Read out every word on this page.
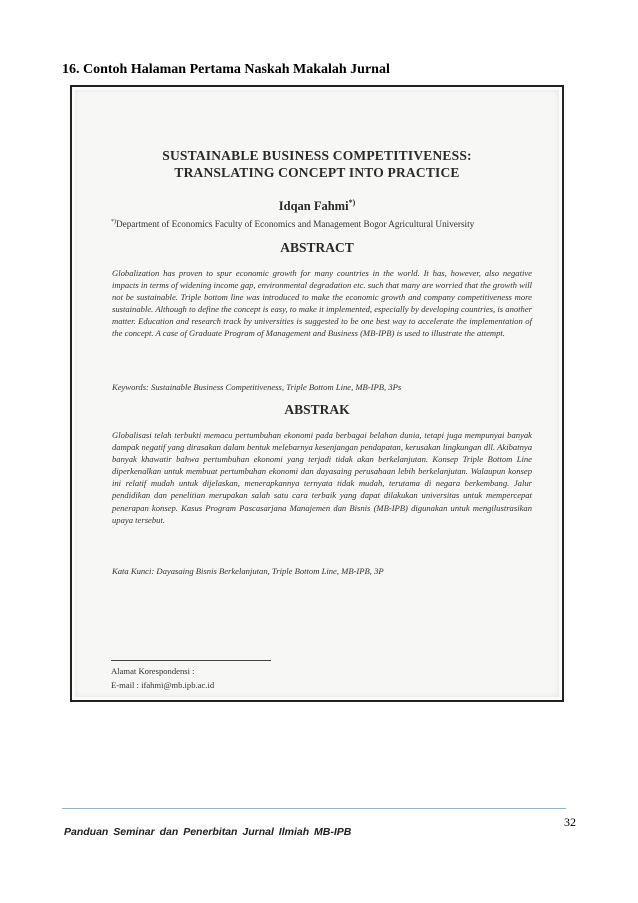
16. Contoh Halaman Pertama Naskah Makalah Jurnal
SUSTAINABLE BUSINESS COMPETITIVENESS:
TRANSLATING CONCEPT INTO PRACTICE
Idqan Fahmi*)
*)Department of Economics Faculty of Economics and Management Bogor Agricultural University
ABSTRACT
Globalization has proven to spur economic growth for many countries in the world. It has, however, also negative impacts in terms of widening income gap, environmental degradation etc. such that many are worried that the growth will not be sustainable. Triple bottom line was introduced to make the economic growth and company competitiveness more sustainable. Although to define the concept is easy, to make it implemented, especially by developing countries, is another matter. Education and research track by universities is suggested to be one best way to accelerate the implementation of the concept. A case of Graduate Program of Management and Business (MB-IPB) is used to illustrate the attempt.
Keywords: Sustainable Business Competitiveness, Triple Bottom Line, MB-IPB, 3Ps
ABSTRAK
Globalisasi telah terbukti memacu pertumbuhan ekonomi pada berbagai belahan dunia, tetapi juga mempunyai banyak dampak negatif yang dirasakan dalam bentuk melebarnya kesenjangan pendapatan, kerusakan lingkungan dll. Akibatnya banyak khawatir bahwa pertumbuhan ekonomi yang terjadi tidak akan berkelanjutan. Konsep Triple Bottom Line diperkenalkan untuk membuat pertumbuhan ekonomi dan dayasaing perusahaan lebih berkelanjutan. Walaupun konsep ini relatif mudah untuk dijelaskan, menerapkannya ternyata tidak mudah, terutama di negara berkembang. Jalur pendidikan dan penelitian merupakan salah satu cara terbaik yang dapat dilakukan universitas untuk mempercepat penerapan konsep. Kasus Program Pascasarjana Manajemen dan Bisnis (MB-IPB) digunakan untuk mengilustrasikan upaya tersebut.
Kata Kunci: Dayasaing Bisnis Berkelanjutan, Triple Bottom Line, MB-IPB, 3P
Alamat Korespondensi :
E-mail : ifahmi@mb.ipb.ac.id
32
Panduan Seminar dan Penerbitan Jurnal Ilmiah MB-IPB
